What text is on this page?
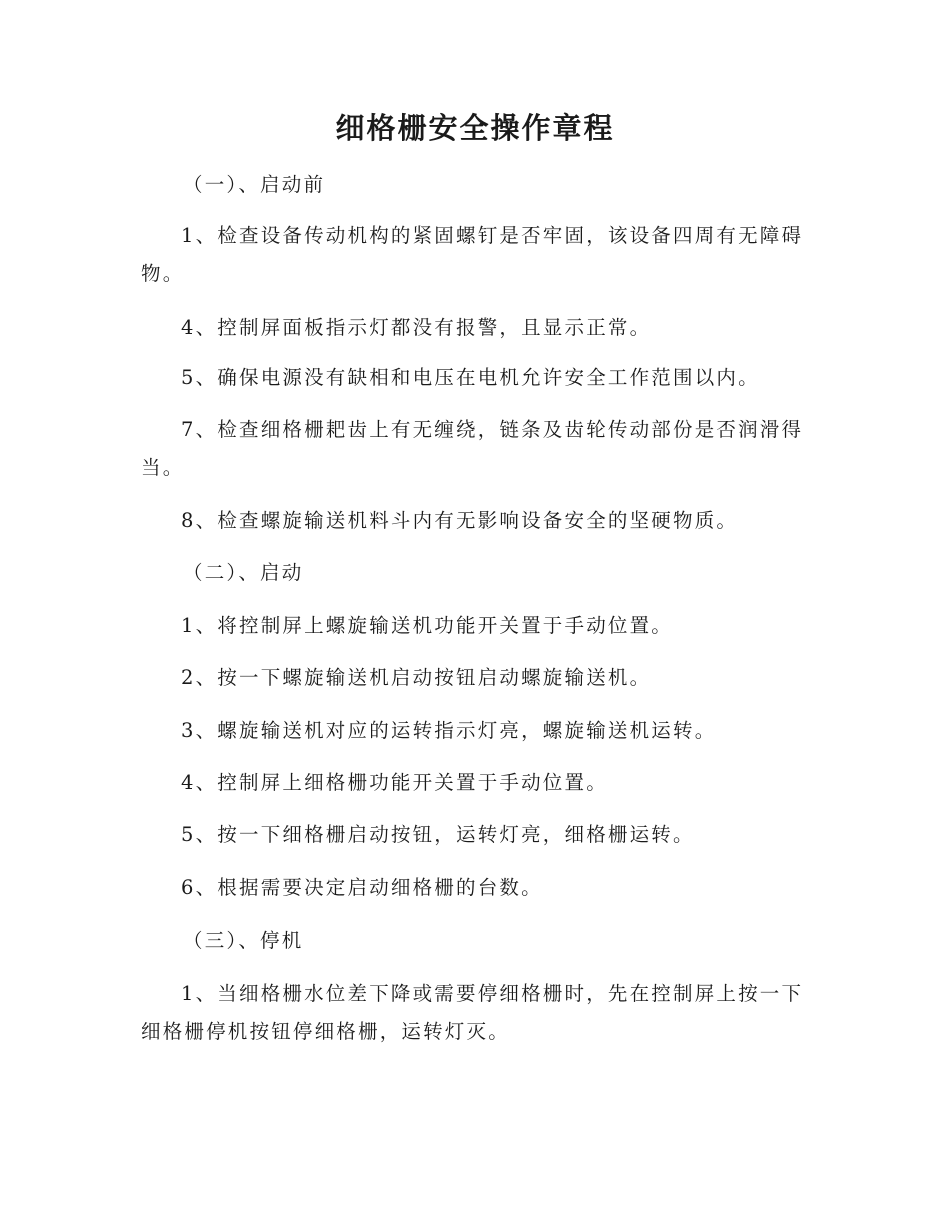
细格栅安全操作章程

（一）、启动前

1、检查设备传动机构的紧固螺钉是否牢固，该设备四周有无障碍物。

4、控制屏面板指示灯都没有报警，且显示正常。

5、确保电源没有缺相和电压在电机允许安全工作范围以内。

7、检查细格栅耙齿上有无缠绕，链条及齿轮传动部份是否润滑得当。

8、检查螺旋输送机料斗内有无影响设备安全的坚硬物质。

（二）、启动

1、将控制屏上螺旋输送机功能开关置于手动位置。

2、按一下螺旋输送机启动按钮启动螺旋输送机。

3、螺旋输送机对应的运转指示灯亮，螺旋输送机运转。

4、控制屏上细格栅功能开关置于手动位置。

5、按一下细格栅启动按钮，运转灯亮，细格栅运转。

6、根据需要决定启动细格栅的台数。

（三）、停机

1、当细格栅水位差下降或需要停细格栅时，先在控制屏上按一下细格栅停机按钮停细格栅，运转灯灭。
